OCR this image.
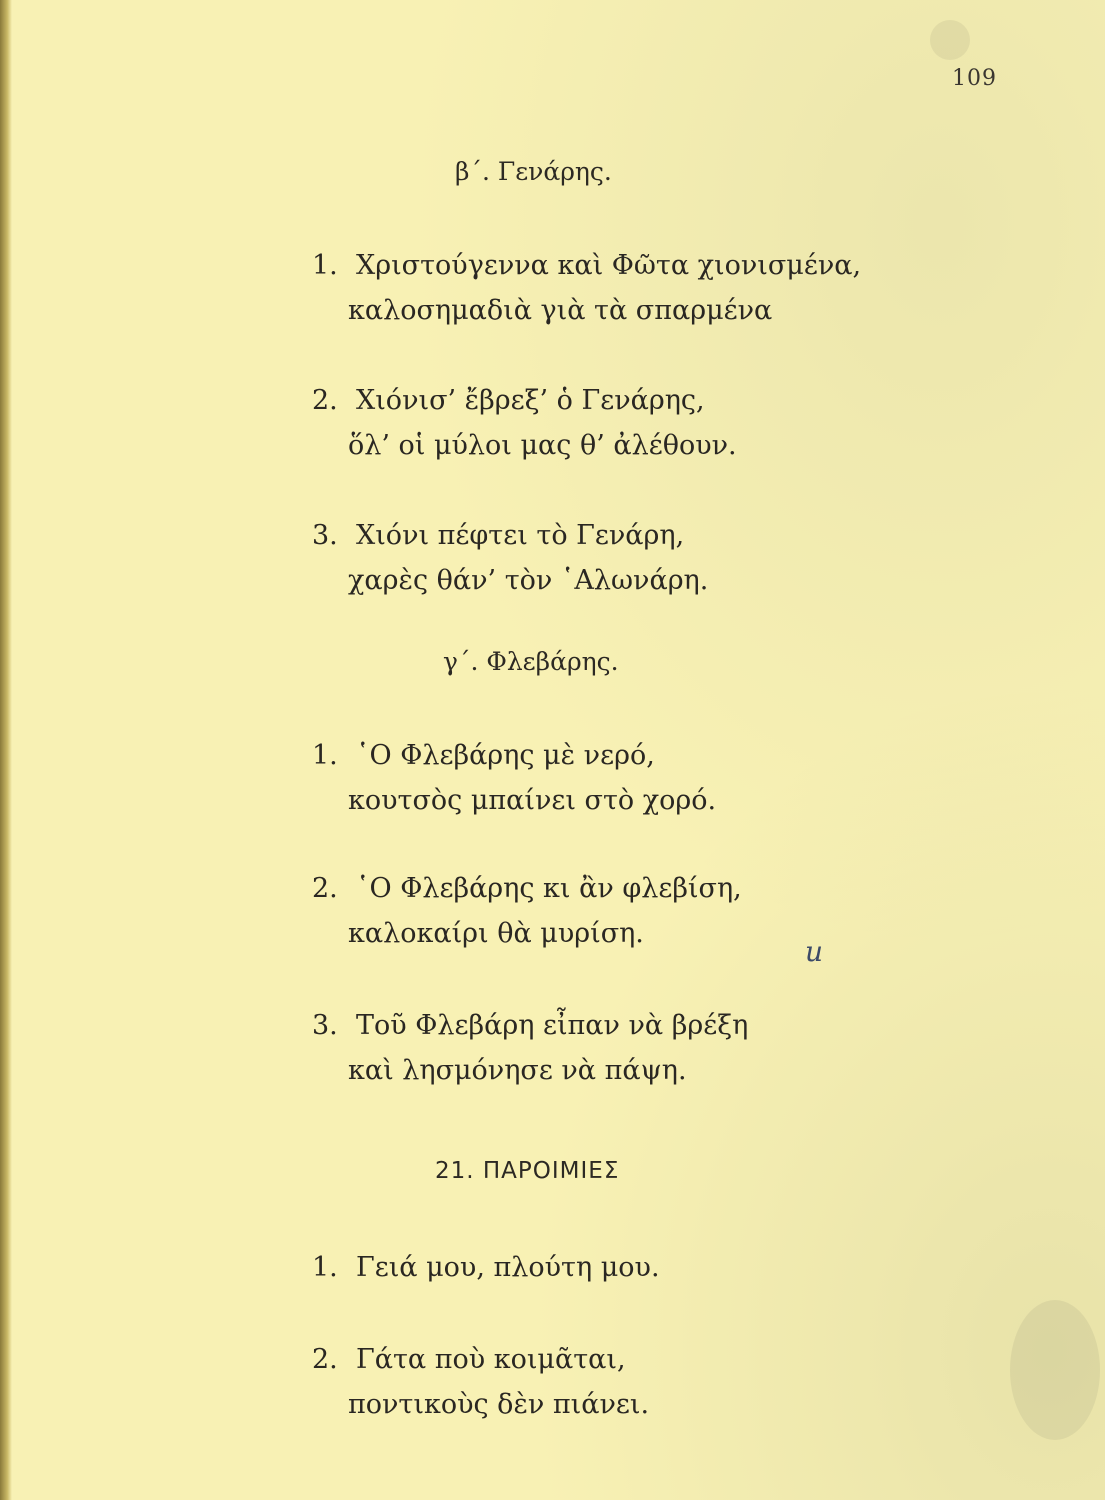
109
β΄. Γενάρης.
1. Χριστούγεννα καὶ Φῶτα χιονισμένα,
καλοσημαδιὰ γιὰ τὰ σπαρμένα
2. Χιόνισ’ ἔβρεξ’ ὁ Γενάρης,
ὅλ’ οἱ μύλοι μας θ’ ἀλέθουν.
3. Χιόνι πέφτει τὸ Γενάρη,
χαρὲς θάν’ τὸν ῾Αλωνάρη.
γ΄. Φλεβάρης.
1. ῾Ο Φλεβάρης μὲ νερό,
κουτσὸς μπαίνει στὸ χορό.
2. ῾Ο Φλεβάρης κι ἂν φλεβίση,
καλοκαίρι θὰ μυρίση.
3. Τοῦ Φλεβάρη εἶπαν νὰ βρέξη
καὶ λησμόνησε νὰ πάψη.
u
21. ΠΑΡΟΙΜΙΕΣ
1. Γειά μου, πλούτη μου.
2. Γάτα ποὺ κοιμᾶται,
ποντικοὺς δὲν πιάνει.
